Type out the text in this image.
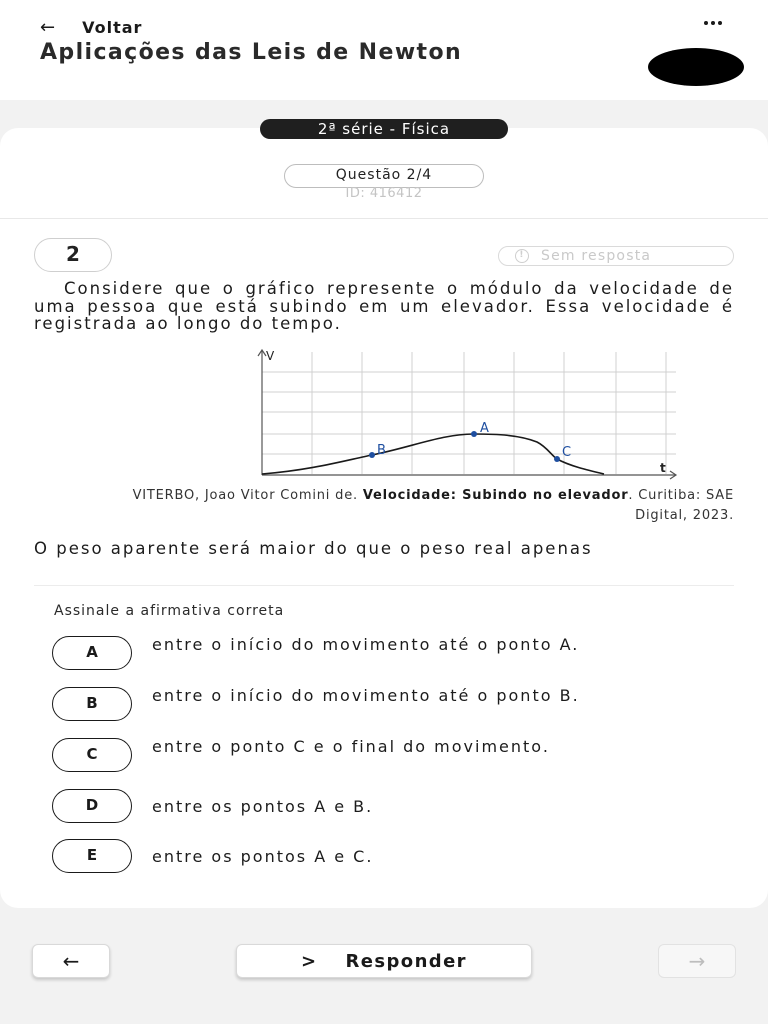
← Voltar
Aplicações das Leis de Newton
2ª série - Física
Questão 2/4
ID: 416412
2	!	Sem resposta
Considere que o gráfico represente o módulo da velocidade de uma pessoa que está subindo em um elevador. Essa velocidade é registrada ao longo do tempo.
V
t
A
B	C
VITERBO, Joao Vitor Comini de. Velocidade: Subindo no elevador. Curitiba: SAE Digital, 2023.
O peso aparente será maior do que o peso real apenas
Assinale a afirmativa correta
A	entre o início do movimento até o ponto A.
B	entre o início do movimento até o ponto B.
C	entre o ponto C e o final do movimento.
D	entre os pontos A e B.
E	entre os pontos A e C.
←	> Responder	→
